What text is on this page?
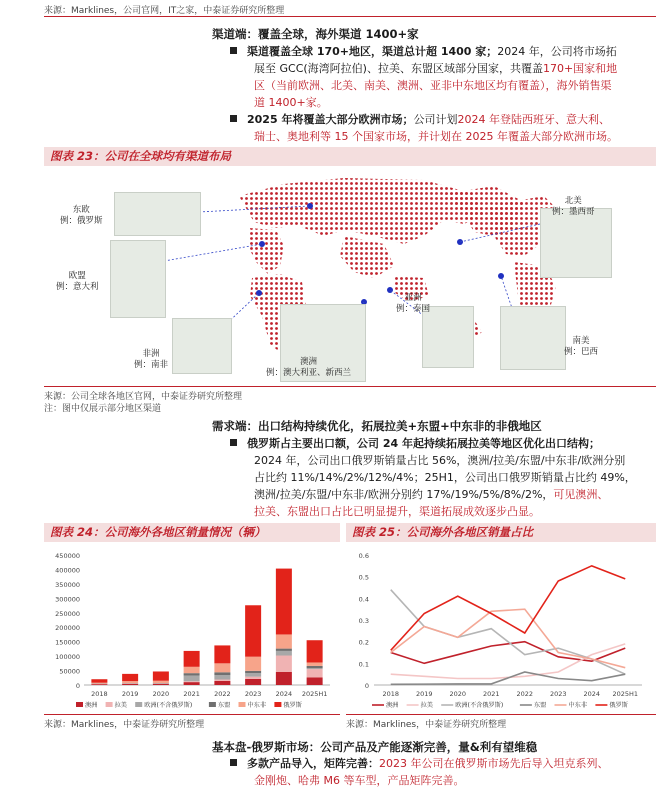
来源：Marklines，公司官网，IT之家，中泰证券研究所整理
渠道端：覆盖全球，海外渠道 1400+家
渠道覆盖全球 170+地区，渠道总计超 1400 家；2024 年，公司将市场拓
展至 GCC(海湾阿拉伯)、拉美、东盟区域部分国家，共覆盖170+国家和地
区（当前欧洲、北美、南美、澳洲、亚非中东地区均有覆盖），海外销售渠
道 1400+家。
2025 年将覆盖大部分欧洲市场；公司计划2024 年登陆西班牙、意大利、
瑞士、奥地利等 15 个国家市场，并计划在 2025 年覆盖大部分欧洲市场。
图表 23：公司在全球均有渠道布局
东欧
例：俄罗斯
欧盟
例：意大利
非洲
例：南非	澳洲
例：澳大利亚、新西兰
亚洲
例：泰国
北美
例：墨西哥
南美
例：巴西
来源：公司全球各地区官网，中泰证券研究所整理
注：图中仅展示部分地区渠道
需求端：出口结构持续优化，拓展拉美+东盟+中东非的非俄地区
俄罗斯占主要出口额，公司 24 年起持续拓展拉美等地区优化出口结构；
2024 年，公司出口俄罗斯销量占比 56%，澳洲/拉美/东盟/中东非/欧洲分别
占比约 11%/14%/2%/12%/4%；25H1，公司出口俄罗斯销量占比约 49%，
澳洲/拉美/东盟/中东非/欧洲分别约 17%/19%/5%/8%/2%，可见澳洲、
拉美、东盟出口占比已明显提升，渠道拓展成效逐步凸显。
图表 24：公司海外各地区销量情况（辆）	图表 25：公司海外各地区销量占比
0
50000
100000
150000
200000
250000
300000
350000
400000
450000
2018 2019 2020 2021 2022 2023 2024 2025H1
澳洲	拉美	欧洲(不含俄罗斯)	东盟	中东非	俄罗斯
0
0.1
0.2
0.3
0.4
0.5
0.6
2018	2019	2020	2021	2022	2023	2024 2025H1
澳洲	拉美	欧洲(不含俄罗斯)	东盟	中东非	俄罗斯
来源：Marklines，中泰证券研究所整理	来源：Marklines，中泰证券研究所整理
基本盘-俄罗斯市场：公司产品及产能逐渐完善，量&利有望维稳
多款产品导入，矩阵完善：2023 年公司在俄罗斯市场先后导入坦克系列、
金刚炮、哈弗 M6 等车型，产品矩阵完善。
